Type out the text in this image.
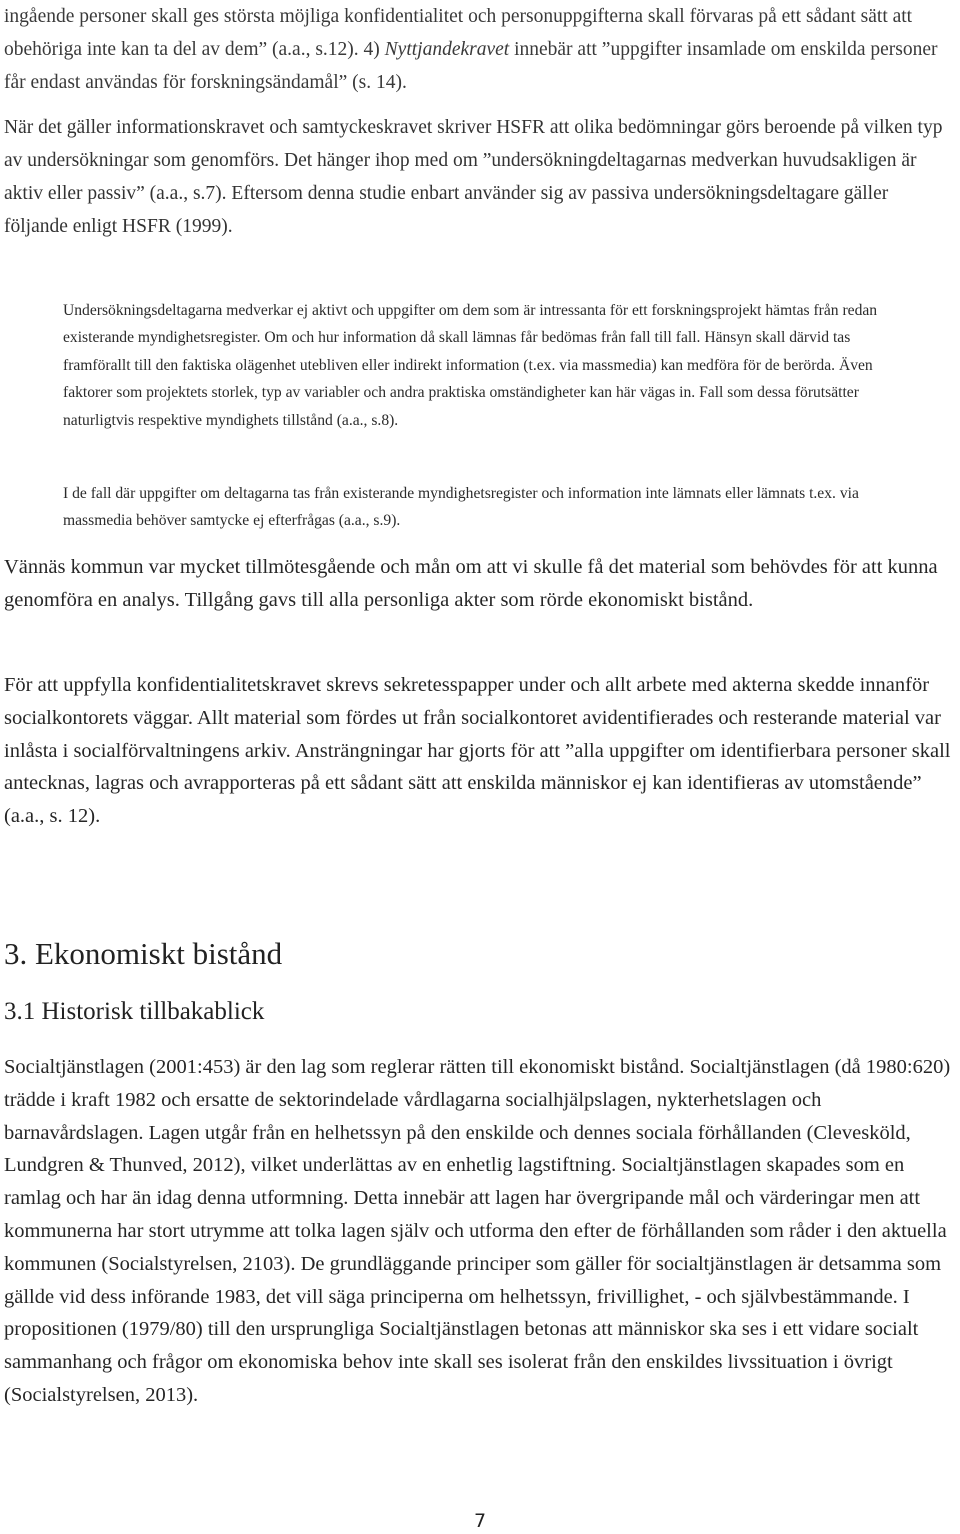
ingående personer skall ges största möjliga konfidentialitet och personuppgifterna skall förvaras på ett sådant sätt att obehöriga inte kan ta del av dem” (a.a., s.12). 4) Nyttjandekravet innebär att ”uppgifter insamlade om enskilda personer får endast användas för forskningsändamål” (s. 14).

När det gäller informationskravet och samtyckeskravet skriver HSFR att olika bedömningar görs beroende på vilken typ av undersökningar som genomförs. Det hänger ihop med om ”undersökningdeltagarnas medverkan huvudsakligen är aktiv eller passiv” (a.a., s.7). Eftersom denna studie enbart använder sig av passiva undersökningsdeltagare gäller följande enligt HSFR (1999).

Undersökningsdeltagarna medverkar ej aktivt och uppgifter om dem som är intressanta för ett forskningsprojekt hämtas från redan existerande myndighetsregister. Om och hur information då skall lämnas får bedömas från fall till fall. Hänsyn skall därvid tas framförallt till den faktiska olägenhet utebliven eller indirekt information (t.ex. via massmedia) kan medföra för de berörda. Även faktorer som projektets storlek, typ av variabler och andra praktiska omständigheter kan här vägas in. Fall som dessa förutsätter naturligtvis respektive myndighets tillstånd (a.a., s.8).

I de fall där uppgifter om deltagarna tas från existerande myndighetsregister och information inte lämnats eller lämnats t.ex. via massmedia behöver samtycke ej efterfrågas (a.a., s.9).

Vännäs kommun var mycket tillmötesgående och mån om att vi skulle få det material som behövdes för att kunna genomföra en analys. Tillgång gavs till alla personliga akter som rörde ekonomiskt bistånd.

För att uppfylla konfidentialitetskravet skrevs sekretesspapper under och allt arbete med akterna skedde innanför socialkontorets väggar. Allt material som fördes ut från socialkontoret avidentifierades och resterande material var inlåsta i socialförvaltningens arkiv. Ansträngningar har gjorts för att ”alla uppgifter om identifierbara personer skall antecknas, lagras och avrapporteras på ett sådant sätt att enskilda människor ej kan identifieras av utomstående” (a.a., s. 12).

3. Ekonomiskt bistånd
3.1 Historisk tillbakablick

Socialtjänstlagen (2001:453) är den lag som reglerar rätten till ekonomiskt bistånd. Socialtjänstlagen (då 1980:620) trädde i kraft 1982 och ersatte de sektorindelade vårdlagarna socialhjälpslagen, nykterhetslagen och barnavårdslagen. Lagen utgår från en helhetssyn på den enskilde och dennes sociala förhållanden (Clevesköld, Lundgren & Thunved, 2012), vilket underlättas av en enhetlig lagstiftning. Socialtjänstlagen skapades som en ramlag och har än idag denna utformning. Detta innebär att lagen har övergripande mål och värderingar men att kommunerna har stort utrymme att tolka lagen själv och utforma den efter de förhållanden som råder i den aktuella kommunen (Socialstyrelsen, 2103). De grundläggande principer som gäller för socialtjänstlagen är detsamma som gällde vid dess införande 1983, det vill säga principerna om helhetssyn, frivillighet, - och självbestämmande. I propositionen (1979/80) till den ursprungliga Socialtjänstlagen betonas att människor ska ses i ett vidare socialt sammanhang och frågor om ekonomiska behov inte skall ses isolerat från den enskildes livssituation i övrigt (Socialstyrelsen, 2013).

7
